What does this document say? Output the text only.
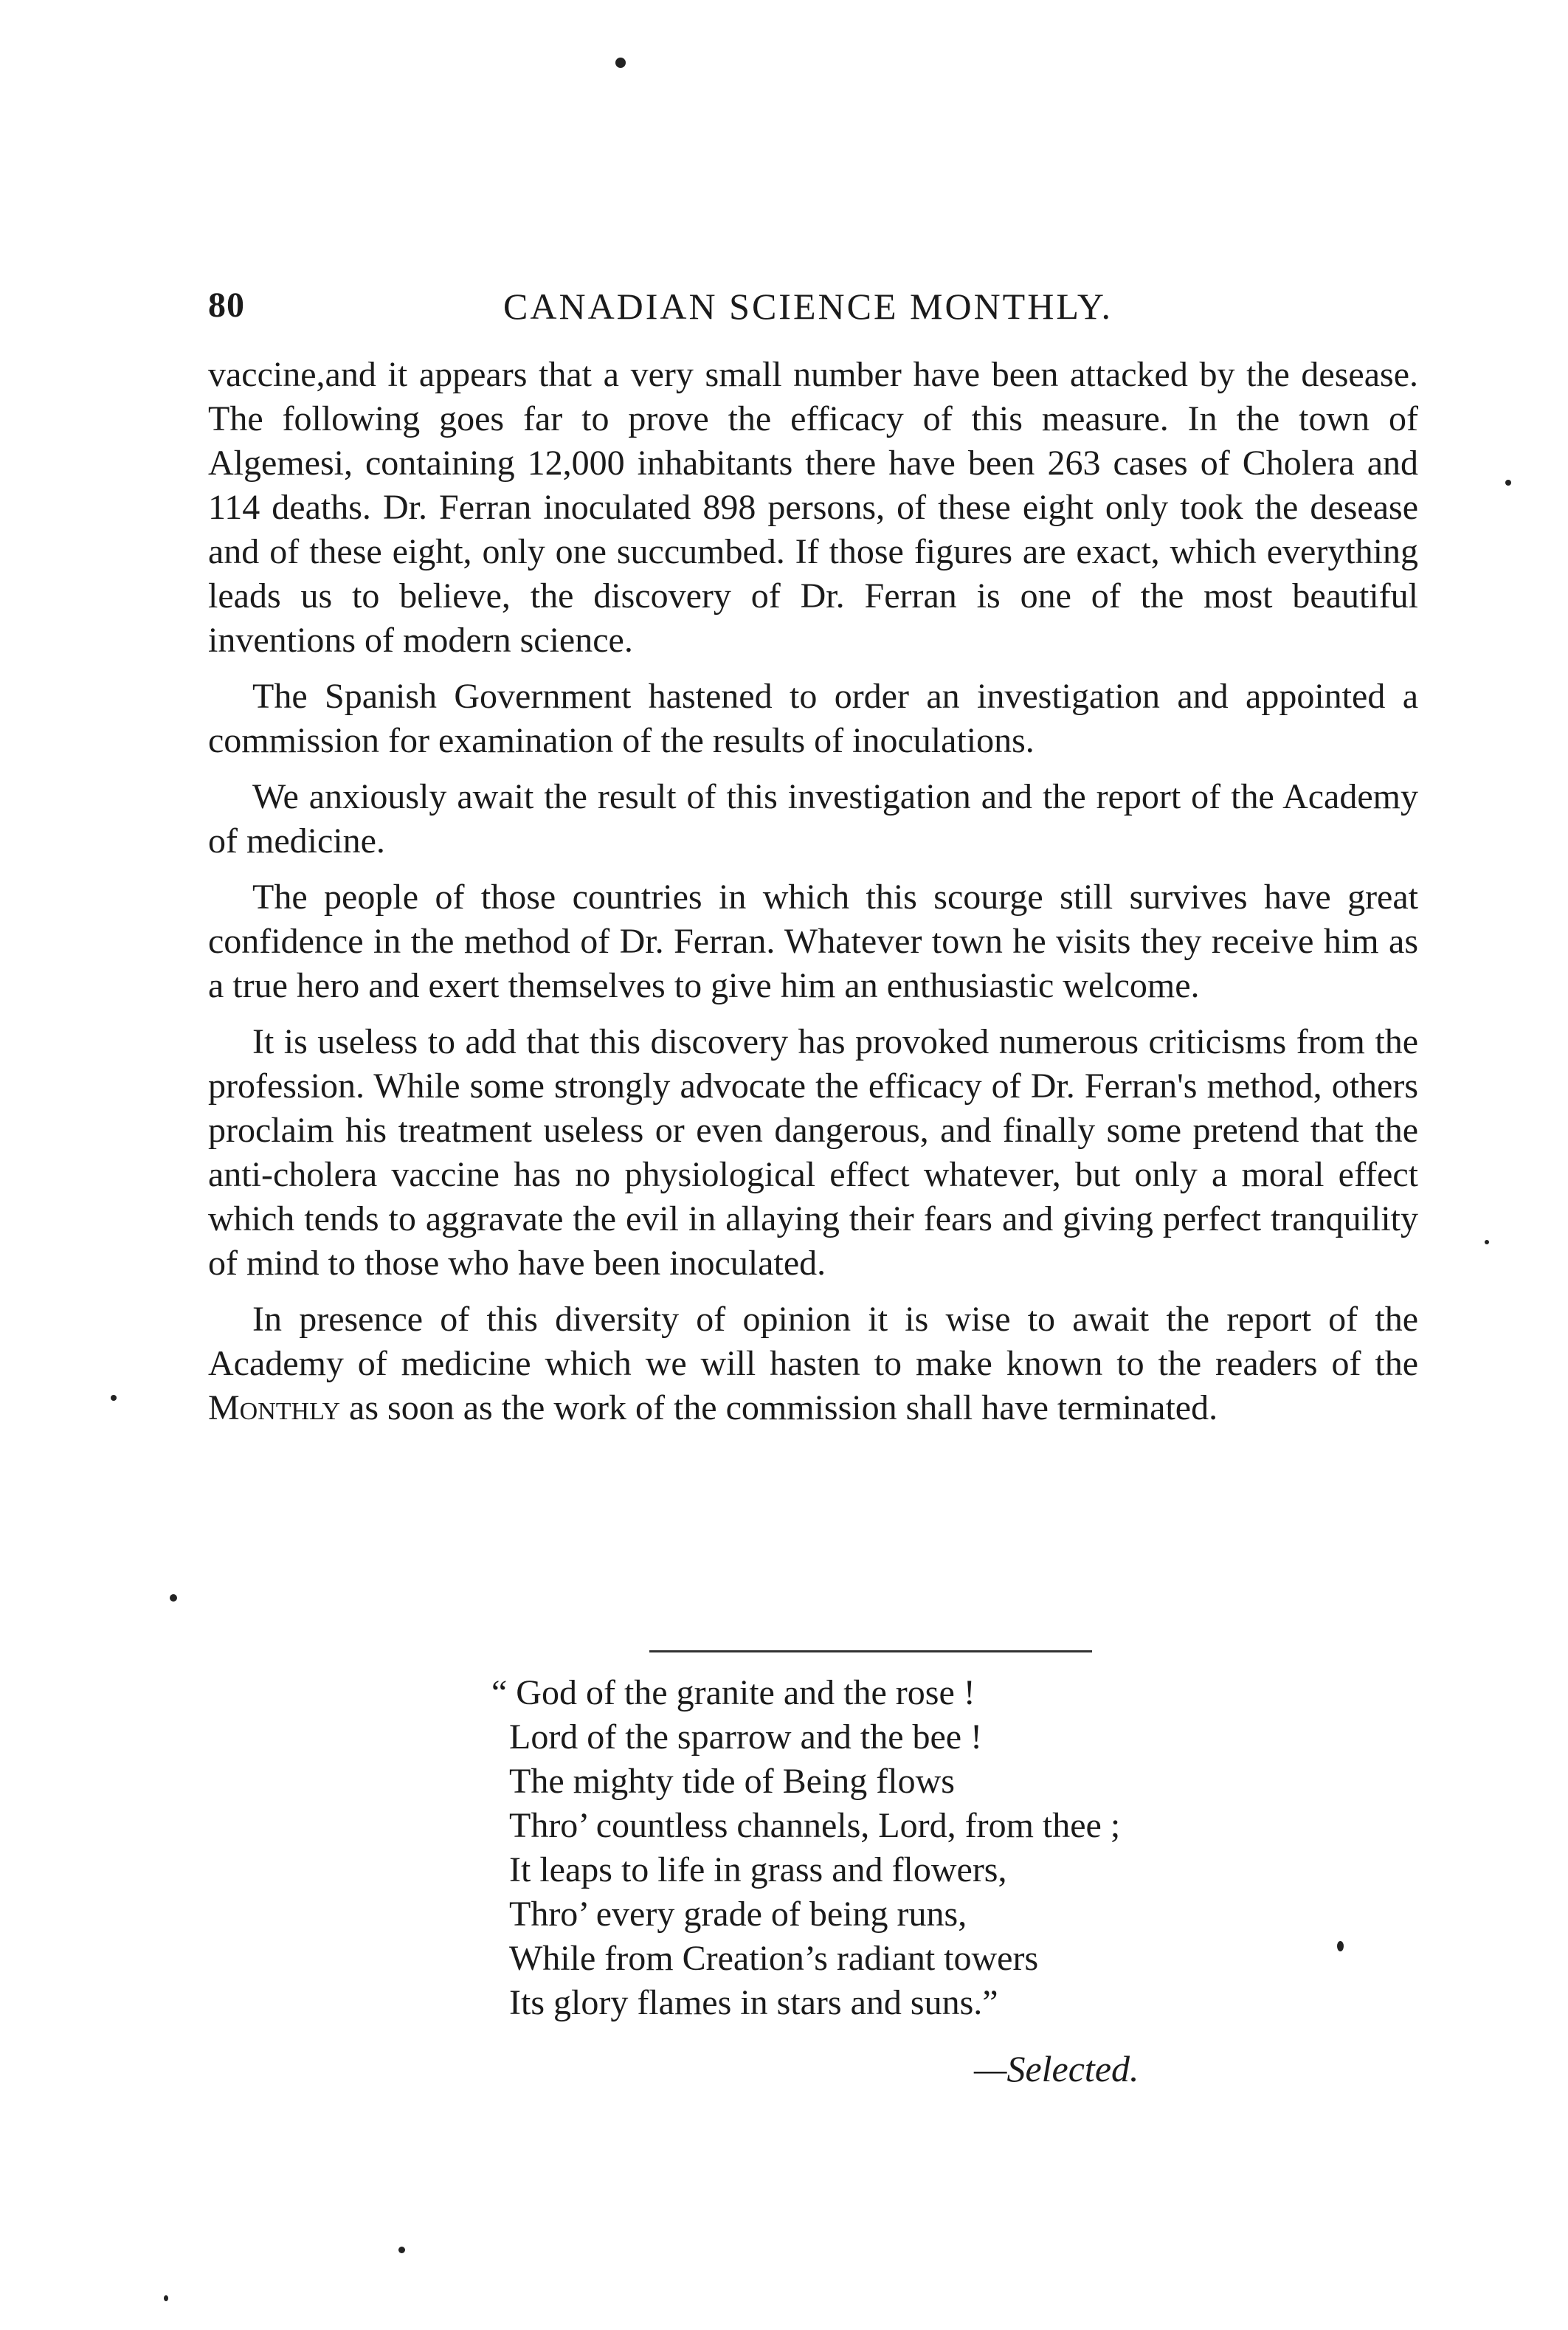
80	CANADIAN SCIENCE MONTHLY.

vaccine,and it appears that a very small number have been attacked by the desease. The following goes far to prove the efficacy of this measure. In the town of Algemesi, containing 12,000 inhabitants there have been 263 cases of Cholera and 114 deaths. Dr. Ferran inoculated 898 persons, of these eight only took the desease and of these eight, only one succumbed. If those figures are exact, which everything leads us to believe, the discovery of Dr. Ferran is one of the most beautiful inventions of modern science.

The Spanish Government hastened to order an investigation and appointed a commission for examination of the results of inoculations.

We anxiously await the result of this investigation and the report of the Academy of medicine.

The people of those countries in which this scourge still survives have great confidence in the method of Dr. Ferran. Whatever town he visits they receive him as a true hero and exert themselves to give him an enthusiastic welcome.

It is useless to add that this discovery has provoked numerous criticisms from the profession. While some strongly advocate the efficacy of Dr. Ferran's method, others proclaim his treatment useless or even dangerous, and finally some pretend that the anti-cholera vaccine has no physiological effect whatever, but only a moral effect which tends to aggravate the evil in allaying their fears and giving perfect tranquility of mind to those who have been inoculated.

In presence of this diversity of opinion it is wise to await the report of the Academy of medicine which we will hasten to make known to the readers of the Monthly as soon as the work of the commission shall have terminated.

“ God of the granite and the rose !
Lord of the sparrow and the bee !
The mighty tide of Being flows
Thro’ countless channels, Lord, from thee ;
It leaps to life in grass and flowers,
Thro’ every grade of being runs,
While from Creation’s radiant towers
Its glory flames in stars and suns.”
—Selected.
